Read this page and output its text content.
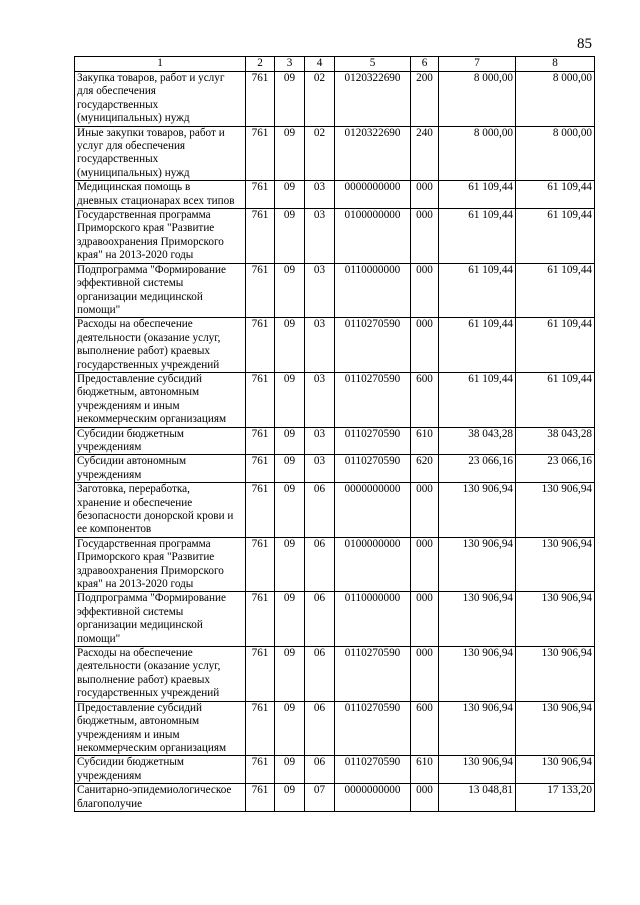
85
1	2	3	4	5	6	7	8

Закупка товаров, работ и услуг
для обеспечения
государственных
(муниципальных) нужд	761	09	02	0120322690	200	8 000,00	8 000,00

Иные закупки товаров, работ и
услуг для обеспечения
государственных
(муниципальных) нужд	761	09	02	0120322690	240	8 000,00	8 000,00

Медицинская помощь в
дневных стационарах всех типов	761	09	03	0000000000	000	61 109,44	61 109,44

Государственная программа
Приморского края "Развитие
здравоохранения Приморского
края" на 2013-2020 годы	761	09	03	0100000000	000	61 109,44	61 109,44

Подпрограмма "Формирование
эффективной системы
организации медицинской
помощи"	761	09	03	0110000000	000	61 109,44	61 109,44

Расходы на обеспечение
деятельности (оказание услуг,
выполнение работ) краевых
государственных учреждений	761	09	03	0110270590	000	61 109,44	61 109,44

Предоставление субсидий
бюджетным, автономным
учреждениям и иным
некоммерческим организациям	761	09	03	0110270590	600	61 109,44	61 109,44

Субсидии бюджетным
учреждениям	761	09	03	0110270590	610	38 043,28	38 043,28

Субсидии автономным
учреждениям	761	09	03	0110270590	620	23 066,16	23 066,16

Заготовка, переработка,
хранение и обеспечение
безопасности донорской крови и
ее компонентов	761	09	06	0000000000	000	130 906,94	130 906,94

Государственная программа
Приморского края "Развитие
здравоохранения Приморского
края" на 2013-2020 годы	761	09	06	0100000000	000	130 906,94	130 906,94

Подпрограмма "Формирование
эффективной системы
организации медицинской
помощи"	761	09	06	0110000000	000	130 906,94	130 906,94

Расходы на обеспечение
деятельности (оказание услуг,
выполнение работ) краевых
государственных учреждений	761	09	06	0110270590	000	130 906,94	130 906,94

Предоставление субсидий
бюджетным, автономным
учреждениям и иным
некоммерческим организациям	761	09	06	0110270590	600	130 906,94	130 906,94

Субсидии бюджетным
учреждениям	761	09	06	0110270590	610	130 906,94	130 906,94

Санитарно-эпидемиологическое
благополучие	761	09	07	0000000000	000	13 048,81	17 133,20
